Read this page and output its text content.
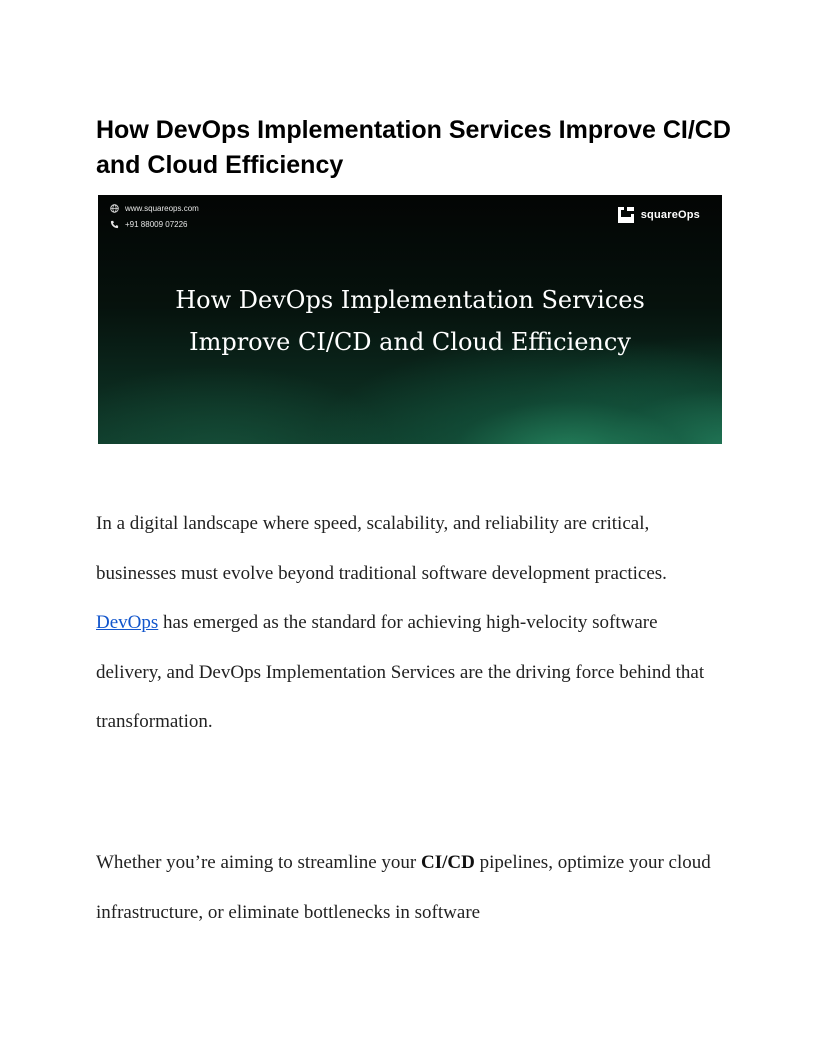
How DevOps Implementation Services Improve CI/CD and Cloud Efficiency
www.squareops.com
+91 88009 07226
squareOps
How DevOps Implementation Services
Improve CI/CD and Cloud Efficiency

In a digital landscape where speed, scalability, and reliability are critical, businesses must evolve beyond traditional software development practices. DevOps has emerged as the standard for achieving high-velocity software delivery, and DevOps Implementation Services are the driving force behind that transformation.

Whether you’re aiming to streamline your CI/CD pipelines, optimize your cloud infrastructure, or eliminate bottlenecks in software
